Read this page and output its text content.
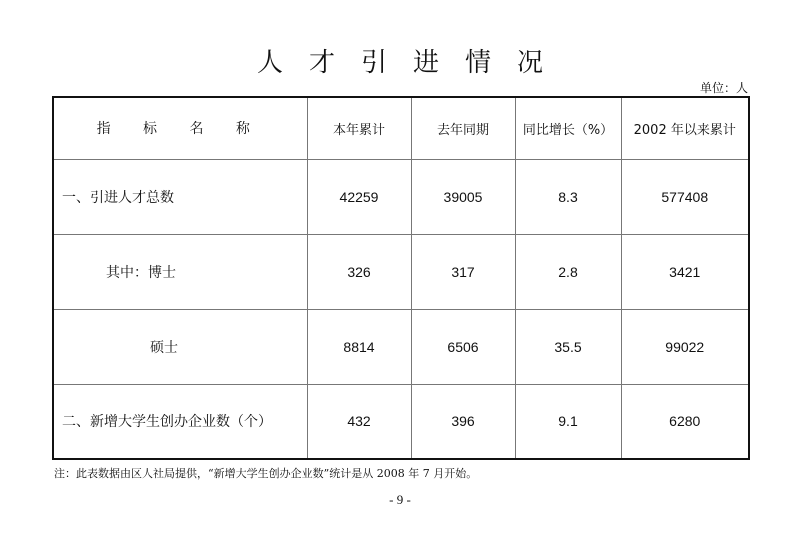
人才引进情况
单位：人
指 标 名 称	本年累计	去年同期	同比增长（%）	2002 年以来累计
一、引进人才总数	42259	39005	8.3	577408
其中：博士	326	317	2.8	3421
硕士	8814	6506	35.5	99022
二、新增大学生创办企业数（个）	432	396	9.1	6280
注：此表数据由区人社局提供，“新增大学生创办企业数”统计是从 2008 年 7 月开始。
- 9 -
